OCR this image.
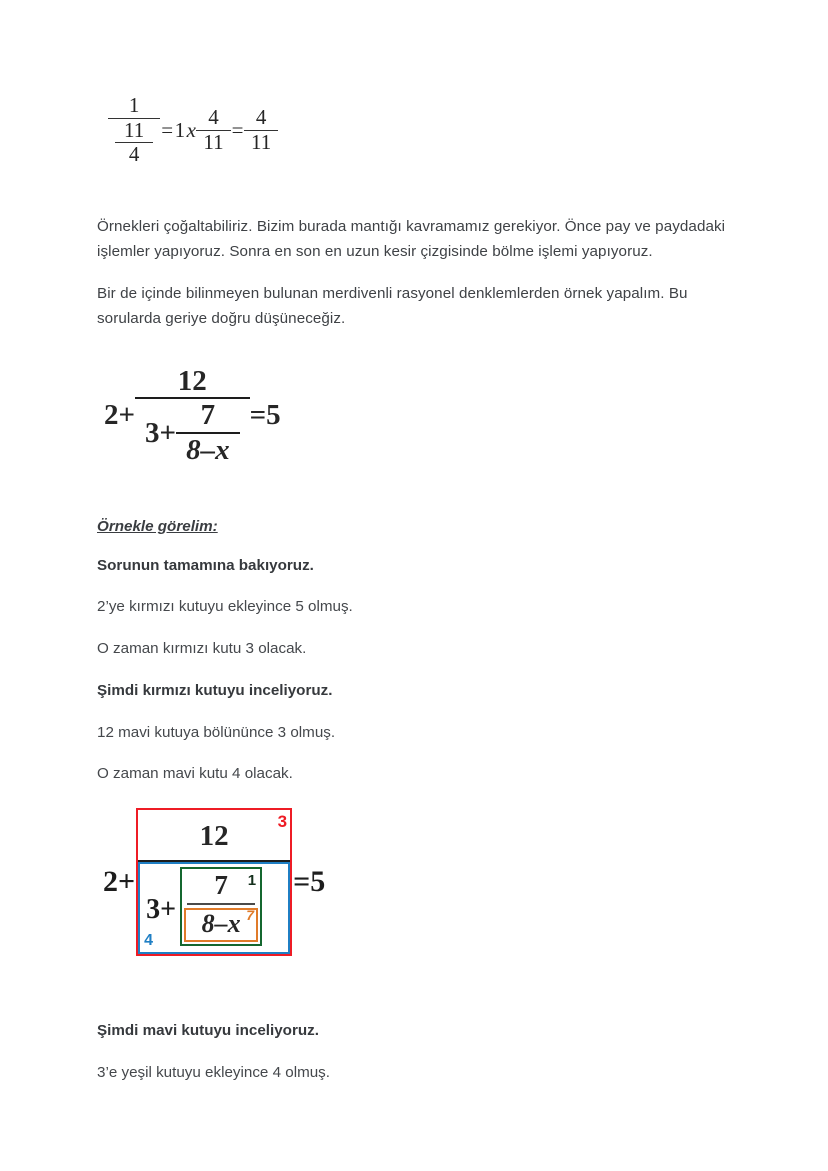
$\frac{1}{\frac{11}{4}} = 1$ x $\frac{4}{11} = \frac{4}{11}$

Örnekleri çoğaltabiliriz. Bizim burada mantığı kavramamız gerekiyor. Önce pay ve paydadaki işlemler yapıyoruz. Sonra en son en uzun kesir çizgisinde bölme işlemi yapıyoruz.

Bir de içinde bilinmeyen bulunan merdivenli rasyonel denklemlerden örnek yapalım. Bu sorularda geriye doğru düşüneceğiz.

Örnekle görelim:

Sorunun tamamına bakıyoruz.

2’ye kırmızı kutuyu ekleyince 5 olmuş.

O zaman kırmızı kutu 3 olacak.

Şimdi kırmızı kutuyu inceliyoruz.

12 mavi kutuya bölününce 3 olmuş.

O zaman mavi kutu 4 olacak.

Şimdi mavi kutuyu inceliyoruz.

3’e yeşil kutuyu ekleyince 4 olmuş.

2+
12
$3+ \frac{7}{8-x} =5$
2+
3
12
4
3+
1
7
7
8–x
=5
